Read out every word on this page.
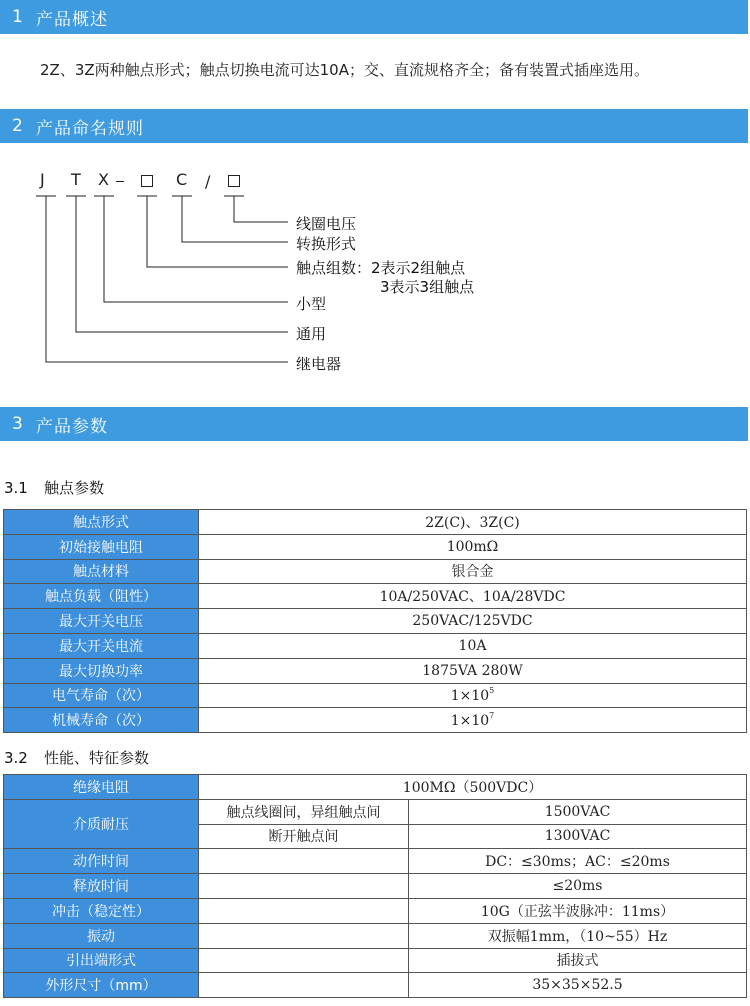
1 产品概述
2Z、3Z两种触点形式；触点切换电流可达10A；交、直流规格齐全；备有装置式插座选用。
2 产品命名规则
J T X	C /
线圈电压
转换形式
触点组数：2表示2组触点
3表示3组触点
小型
通用
继电器
3 产品参数
3.1 触点参数
触点形式	2Z(C)、3Z(C)
初始接触电阻	100mΩ
触点材料	银合金
触点负载（阻性）	10A/250VAC、10A/28VDC
最大开关电压	250VAC/125VDC
最大开关电流	10A
最大切换功率	1875VA 280W
电气寿命（次）	$1\times 10^5$
机械寿命（次）	$1\times 10^7$
3.2 性能、特征参数
绝缘电阻	100MΩ（500VDC）	
介质耐压	触点线圈间，异组触点间	1500VAC
	断开触点间	1300VAC
动作时间		DC：≤30ms；AC：≤20ms
释放时间		≤20ms
冲击（稳定性）		10G（正弦半波脉冲：11ms）
振动		双振幅1mm，（10~55）Hz
引出端形式		插拔式
外形尺寸（mm）		35×35×52.5
